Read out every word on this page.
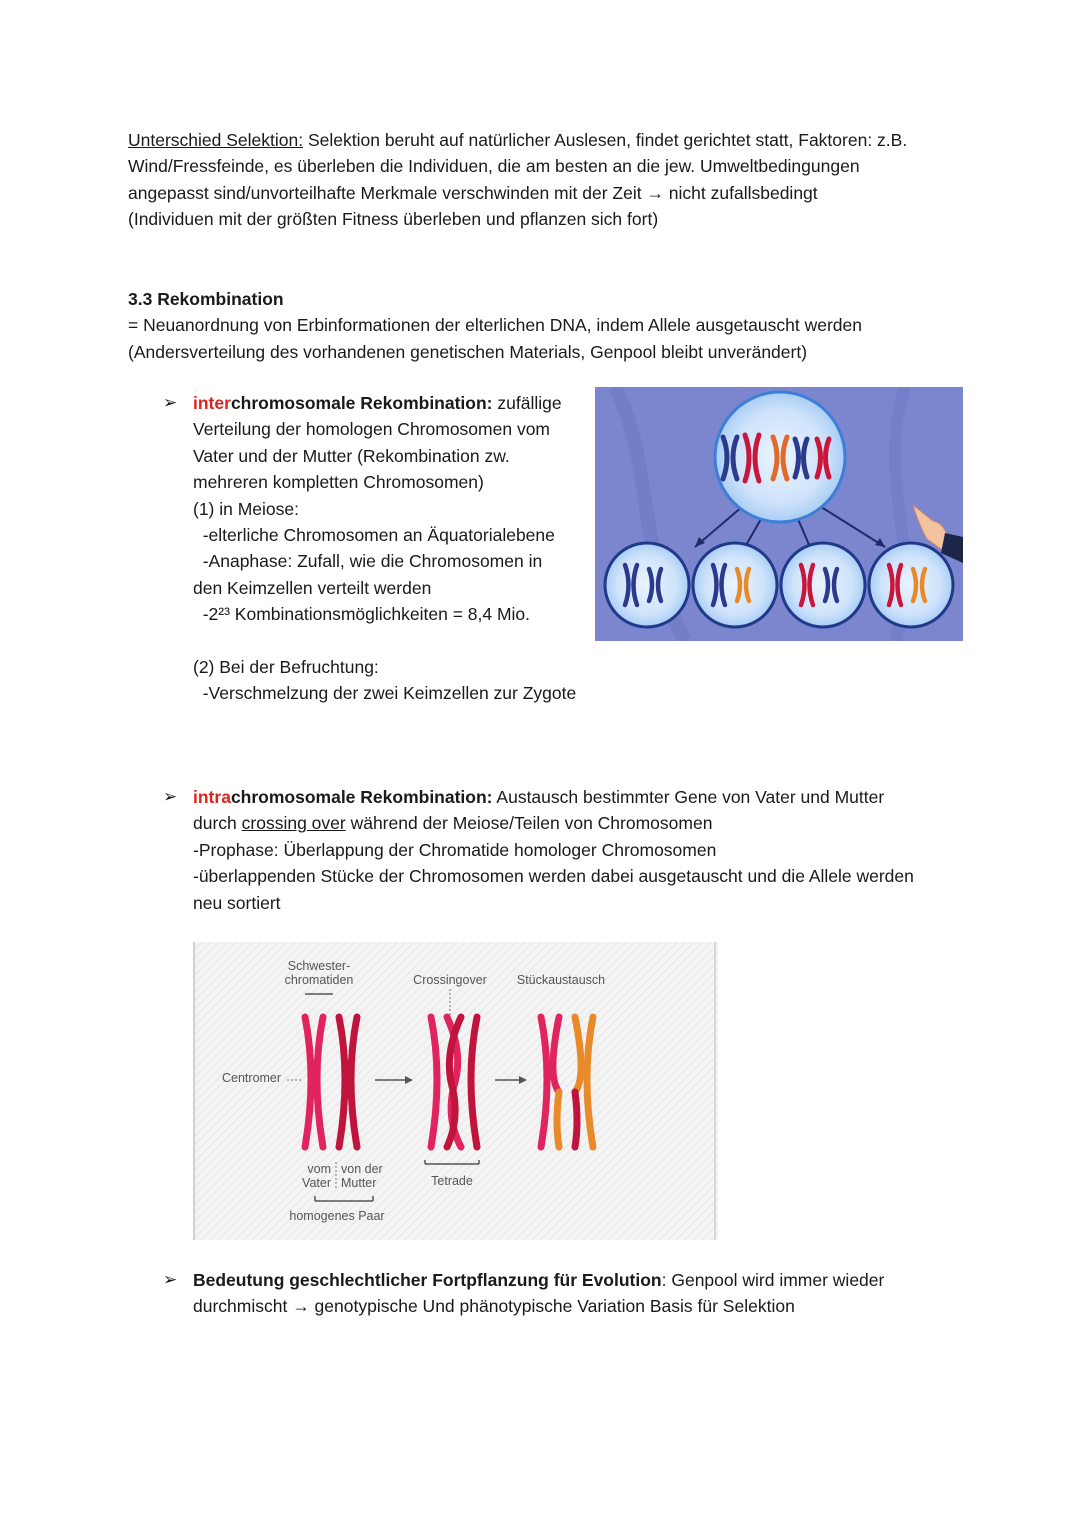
Unterschied Selektion: Selektion beruht auf natürlicher Auslesen, findet gerichtet statt, Faktoren: z.B.
Wind/Fressfeinde, es überleben die Individuen, die am besten an die jew. Umweltbedingungen
angepasst sind/unvorteilhafte Merkmale verschwinden mit der Zeit → nicht zufallsbedingt
(Individuen mit der größten Fitness überleben und pflanzen sich fort)
3.3 Rekombination
= Neuanordnung von Erbinformationen der elterlichen DNA, indem Allele ausgetauscht werden
(Andersverteilung des vorhandenen genetischen Materials, Genpool bleibt unverändert)
➢ interchromosomale Rekombination: zufällige
Verteilung der homologen Chromosomen vom
Vater und der Mutter (Rekombination zw.
mehreren kompletten Chromosomen)
(1) in Meiose:
-elterliche Chromosomen an Äquatorialebene
-Anaphase: Zufall, wie die Chromosomen in
den Keimzellen verteilt werden
-2²³ Kombinationsmöglichkeiten = 8,4 Mio.
(2) Bei der Befruchtung:
-Verschmelzung der zwei Keimzellen zur Zygote
➢ intrachromosomale Rekombination: Austausch bestimmter Gene von Vater und Mutter
durch crossing over während der Meiose/Teilen von Chromosomen
-Prophase: Überlappung der Chromatide homologer Chromosomen
-überlappenden Stücke der Chromosomen werden dabei ausgetauscht und die Allele werden
neu sortiert
Schwester-
chromatiden	Crossingover Stückaustausch
Centromer
vom
Vater
von der
Mutter	Tetrade
homogenes Paar
➢ Bedeutung geschlechtlicher Fortpflanzung für Evolution: Genpool wird immer wieder
durchmischt → genotypische Und phänotypische Variation Basis für Selektion
